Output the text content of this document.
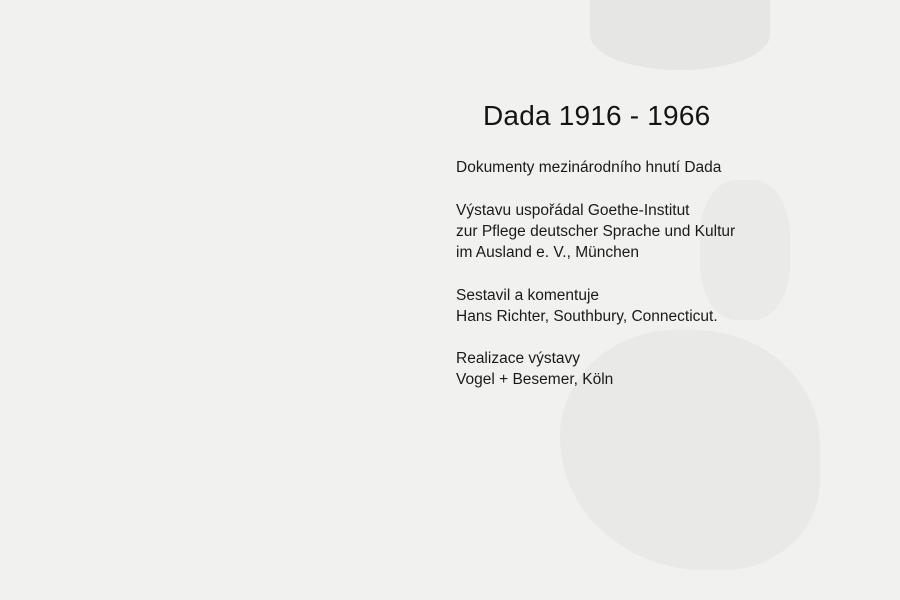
Dada 1916 - 1966
Dokumenty mezinárodního hnutí Dada
Výstavu uspořádal Goethe-Institut
zur Pflege deutscher Sprache und Kultur
im Ausland e. V., München
Sestavil a komentuje
Hans Richter, Southbury, Connecticut.
Realizace výstavy
Vogel + Besemer, Köln
